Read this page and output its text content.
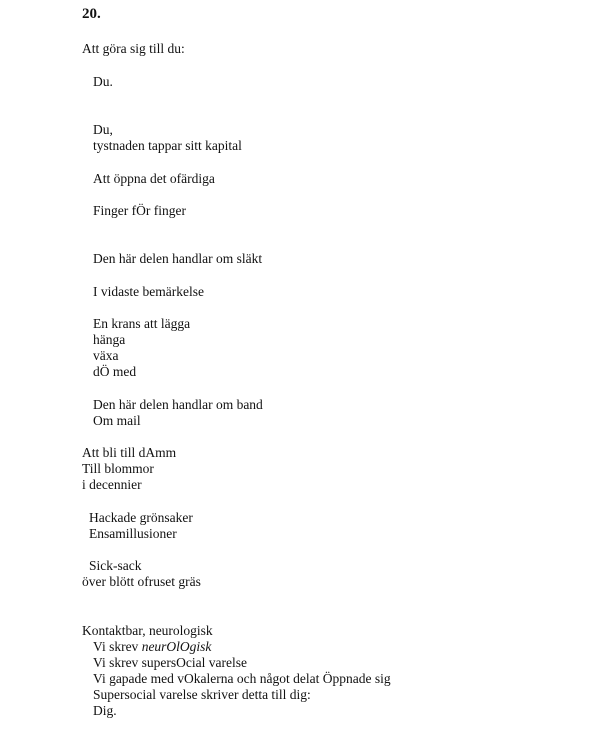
20.

Att göra sig till du:

Du.

Du,

tystnaden tappar sitt kapital

Att öppna det ofärdiga

Finger fÖr finger

Den här delen handlar om släkt

I vidaste bemärkelse

En krans att lägga

hänga

växa

dÖ med

Den här delen handlar om band

Om mail

Att bli till dAmm

Till blommor

i decennier

Hackade grönsaker

Ensamillusioner

Sick-sack

över blött ofruset gräs

Kontaktbar, neurologisk

Vi skrev neurOlOgisk

Vi skrev supersOcial varelse

Vi gapade med vOkalerna och något delat Öppnade sig

Supersocial varelse skriver detta till dig:

Dig.
